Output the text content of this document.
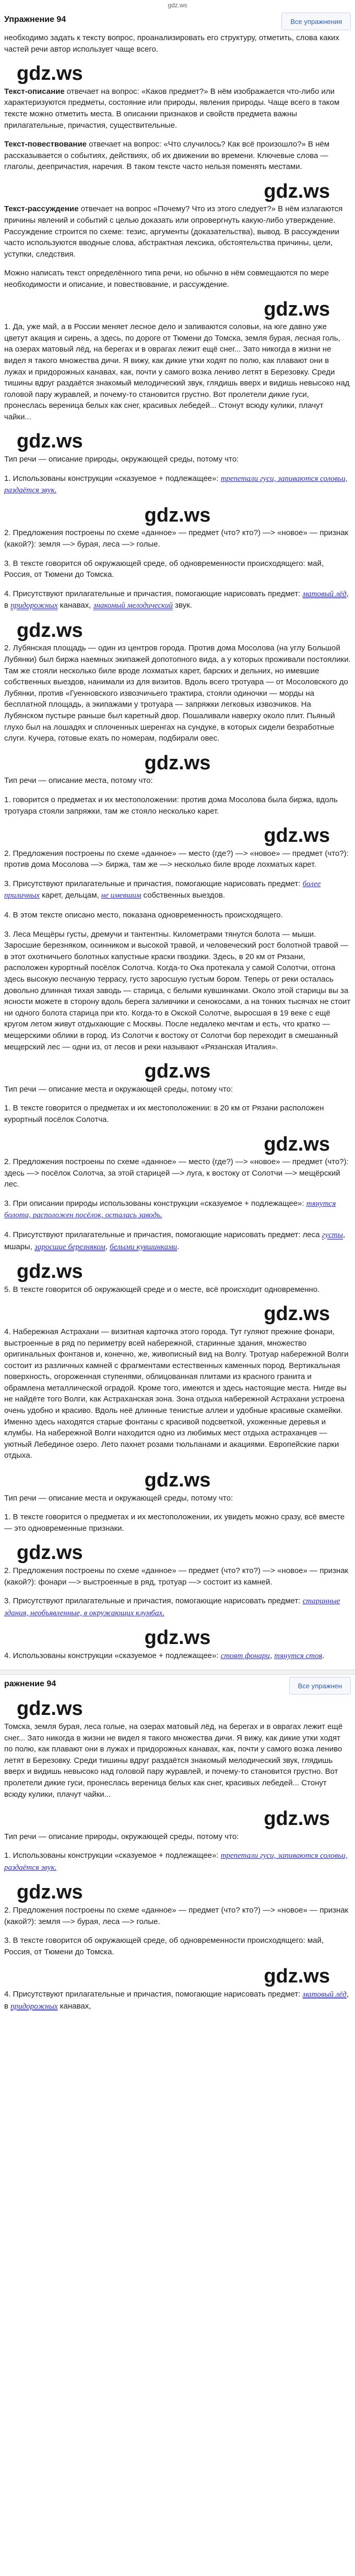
gdz.ws
Упражнение 94	Все упражнения

необходимо задать к тексту вопрос, проанализировать его структуру, отметить, слова каких частей речи автор использует чаще всего.

gdz.ws

Текст-описание отвечает на вопрос: «Каков предмет?» В нём изображается что-либо или характеризуются предметы, состояние или природы, явления природы. Чаще всего в таком тексте можно отметить места. В описании признаков и свойств предмета важны прилагательные, причастия, существительные.

Текст-повествование отвечает на вопрос: «Что случилось? Как всё произошло?» В нём рассказывается о событиях, действиях, об их движении во времени. Ключевые слова — глаголы, деепричастия, наречия. В таком тексте часто нельзя поменять местами.

gdz.ws

Текст-рассуждение отвечает на вопрос «Почему? Что из этого следует?» В нём излагаются причины явлений и событий с целью доказать или опровергнуть какую-либо утверждение. Рассуждение строится по схеме: тезис, аргументы (доказательства), вывод. В рассуждении часто используются вводные слова, абстрактная лексика, обстоятельства причины, цели, уступки, следствия.

Можно написать текст определённого типа речи, но обычно в нём совмещаются по мере необходимости и описание, и повествование, и рассуждение.

gdz.ws

1. Да, уже май, а в России меняет лесное дело и запиваются соловьи, на юге давно уже цветут акация и сирень, а здесь, по дороге от Тюмени до Томска, земля бурая, лесная голь, на озерах матовый лёд, на берегах и в оврагах лежит ещё снег... Зато никогда в жизни не видел я такого множества дичи. Я вижу, как дикие утки ходят по полю, как плавают они в лужах и придорожных канавах, как, почти у самого возка лениво летят в Березовку. Среди тишины вдруг раздаётся знакомый мелодический звук, глядишь вверх и видишь невысоко над головой пару журавлей, и почему-то становится грустно. Вот пролетели дикие гуси, пронеслась вереница белых как снег, красивых лебедей... Стонут всюду кулики, плачут чайки...

gdz.ws

Тип речи — описание природы, окружающей среды, потому что:

1. Использованы конструкции «сказуемое + подлежащее»: трепетали гуси, запиваются соловьи, раздаётся звук.

gdz.ws

2. Предложения построены по схеме «данное» — предмет (что? кто?) —> «новое» — признак (какой?): земля —> бурая, леса —> голые.

3. В тексте говорится об окружающей среде, об одновременности происходящего: май, Россия, от Тюмени до Томска.

4. Присутствуют прилагательные и причастия, помогающие нарисовать предмет: матовый лёд, в придорожных канавах, знакомый мелодический звук.

gdz.ws

2. Лубянская площадь — один из центров города. Против дома Мосолова (на углу Большой Лубянки) был биржа наемных экипажей допотопного вида, а у которых проживали постоялики. Там же стояли несколько биле вроде лохматых карет, барских и дельних, но имевшие собственных выездов, нанимали из для визитов. Вдоль всего тротуара — от Мосоловского до Лубянки, против «Гуенновского извозчичьего трактира, стояли одиночки — морды на бесплатной площадь, а экипажами у тротуара — запряжки легковых извозчиков. На Лубянском пустыре раньше был каретный двор. Пошаливали наверху около плит. Пьяный глухо был на лошадях и сплоченных шеренгах на сундуке, в которых сидели безработные слуги. Кучера, готовые ехать по номерам, подбирали овес.

gdz.ws

Тип речи — описание места, потому что:

1. говорится о предметах и их местоположении: против дома Мосолова была биржа, вдоль тротуара стояли запряжки, там же стояло несколько карет.

gdz.ws

2. Предложения построены по схеме «данное» — место (где?) —> «новое» — предмет (что?): против дома Мосолова —> биржа, там же —> несколько биле вроде лохматых карет.

3. Присутствуют прилагательные и причастия, помогающие нарисовать предмет: более приличных карет, дельцам, не имевшим собственных выездов.

4. В этом тексте описано место, показана одновременность происходящего.

3. Леса Мещёры густы, дремучи и тантентны. Километрами тянутся болота — мыши. Заросшие березняком, осинником и высокой травой, и человеческий рост болотной травой — в этот охотничьего болотных капустные краски гвоздики. Здесь, в 20 км от Рязани, расположен курортный посёлок Солотча. Когда-то Ока протекала у самой Солотчи, отгона здесь высокую песчаную террасу, густо заросшую густым бором. Теперь от реки осталась довольно длинная тихая заводь — старица, с белыми кувшинками. Около этой старицы вы за ясности можете в сторону вдоль берега заливчики и сенокосами, а на тонких тысячах не стоит ни одного болота старица при кто. Когда-то в Окской Солотче, выросшая в 19 веке с ещё кругом летом живут отдыхающие с Москвы. После недалеко мечтам и есть, что кратко — мещерскими облики в город. Из Солотчи к востоку от Солотчи бор переходит в смешанный мещерский лес — одни из, от лесов и реки называют «Рязанская Италия».

gdz.ws

Тип речи — описание места и окружающей среды, потому что:

1. В тексте говорится о предметах и их местоположении: в 20 км от Рязани расположен курортный посёлок Солотча.

gdz.ws

2. Предложения построены по схеме «данное» — место (где?) —> «новое» — предмет (что?): здесь —> посёлок Солотча, за этой старицей —> луга, к востоку от Солотчи —> мещёрский лес.

3. При описании природы использованы конструкции «сказуемое + подлежащее»: тянутся болота, расположен посёлок, осталась заводь.

4. Присутствуют прилагательные и причастия, помогающие нарисовать предмет: леса густы, мшары, заросшие березняком, белыми кувшинками.

gdz.ws

5. В тексте говорится об окружающей среде и о месте, всё происходит одновременно.

gdz.ws

4. Набережная Астрахани — визитная карточка этого города. Тут гуляют прежние фонари, выстроенные в ряд по периметру всей набережной, старинные здания, множество оригинальных фонтанов и, конечно, же, живописный вид на Волгу. Тротуар набережной Волги состоит из различных камней с фрагментами естественных каменных пород. Вертикальная поверхность, огороженная ступенями, облицованная плитами из красного гранита и обрамлена металлической оградой. Кроме того, имеются и здесь настоящие места. Нигде вы не найдёте того Волги, как Астраханская зона. Зона отдыха набережной Астрахани устроена очень удобно и красиво. Вдоль неё длинные тенистые аллеи и удобные красивые скамейки. Именно здесь находятся старые фонтаны с красивой подсветкой, ухоженные деревья и клумбы. На набережной Волги находится одно из любимых мест отдыха астраханцев — уютный Лебединое озеро. Лето пахнет розами тюльпанами и акациями. Европейские парки отдыха.

gdz.ws

Тип речи — описание места и окружающей среды, потому что:

1. В тексте говорится о предметах и их местоположении, их увидеть можно сразу, всё вместе — это одновременные признаки.

gdz.ws

2. Предложения построены по схеме «данное» — предмет (что? кто?) —> «новое» — признак (какой?): фонари —> выстроенные в ряд, тротуар —> состоит из камней.

3. Присутствуют прилагательные и причастия, помогающие нарисовать предмет: старинные здания, необъявленные, в окружающих клумбах.

gdz.ws

4. Использованы конструкции «сказуемое + подлежащее»: стоят фонари, тянутся стоя.

ражнение 94	Все упражнен
gdz.ws

Томска, земля бурая, леса голые, на озерах матовый лёд, на берегах и в оврагах лежит ещё снег... Зато никогда в жизни не видел я такого множества дичи. Я вижу, как дикие утки ходят по полю, как плавают они в лужах и придорожных канавах, как, почти у самого возка лениво летят в Березовку. Среди тишины вдруг раздаётся знакомый мелодический звук, глядишь вверх и видишь невысоко над головой пару журавлей, и почему-то становится грустно. Вот пролетели дикие гуси, пронеслась вереница белых как снег, красивых лебедей... Стонут всюду кулики, плачут чайки...

gdz.ws

Тип речи — описание природы, окружающей среды, потому что:

1. Использованы конструкции «сказуемое + подлежащее»: трепетали гуси, запиваются соловьи, раздаётся звук.

gdz.ws

2. Предложения построены по схеме «данное» — предмет (что? кто?) —> «новое» — признак (какой?): земля —> бурая, леса —> голые.

3. В тексте говорится об окружающей среде, об одновременности происходящего: май, Россия, от Тюмени до Томска.

gdz.ws

4. Присутствуют прилагательные и причастия, помогающие нарисовать предмет: матовый лёд, в придорожных канавах,
